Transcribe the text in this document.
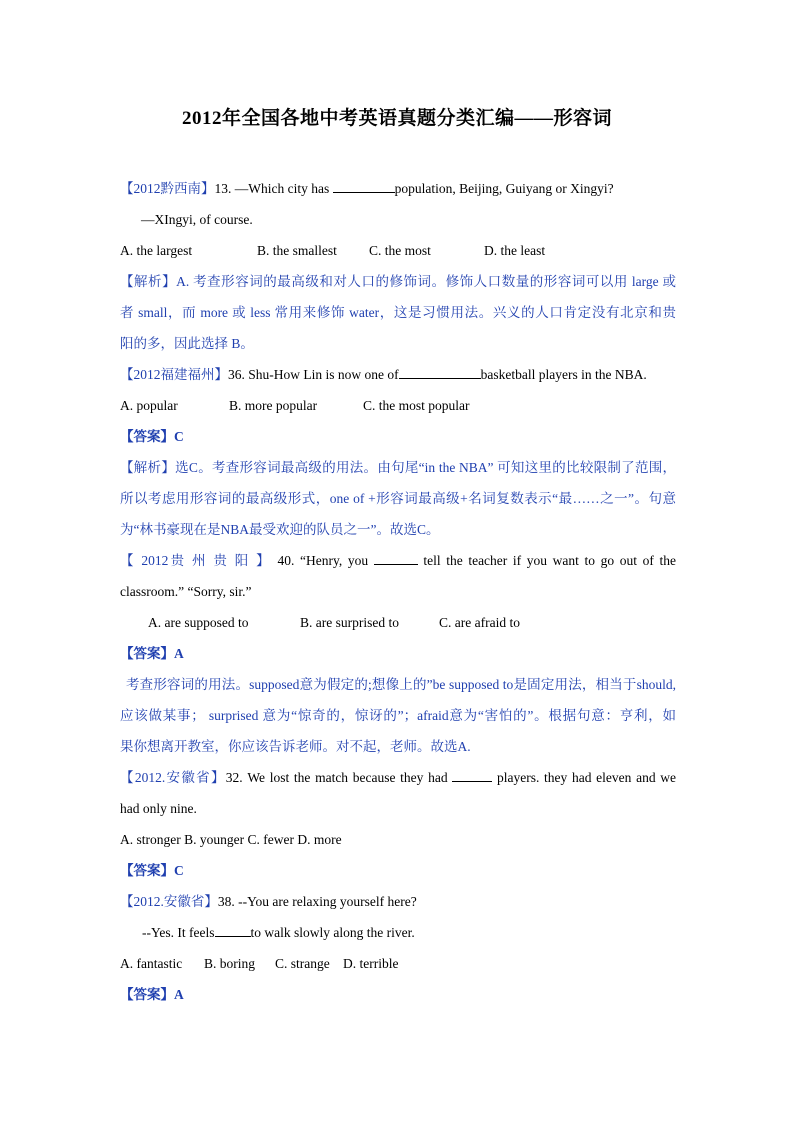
2012年全国各地中考英语真题分类汇编——形容词
【2012黔西南】13. —Which city has	population, Beijing, Guiyang or Xingyi?
—XIngyi, of course.
A. the largest	B. the smallest C. the most	D. the least
【解析】A. 考查形容词的最高级和对人口的修饰词。修饰人口数量的形容词可以用 large 或
者 small，而 more 或 less 常用来修饰 water，这是习惯用法。兴义的人口肯定没有北京和贵
阳的多，因此选择 B。
【2012福建福州】36. Shu-How Lin is now one of	basketball players in the NBA.
A. popular	B. more popular	C. the most popular
【答案】C
【解析】选C。考查形容词最高级的用法。由句尾“in the NBA” 可知这里的比较限制了范围，
所以考虑用形容词的最高级形式，one of +形容词最高级+名词复数表示“最……之一”。句意
为“林书豪现在是NBA最受欢迎的队员之一”。故选C。
【 2012贵 州 贵 阳 】 40. “Henry, you	tell the teacher if you want to go out of the
classroom.” “Sorry, sir.”
A. are supposed to	B. are surprised to	C. are afraid to
【答案】A
考查形容词的用法。supposed意为假定的;想像上的”be supposed to是固定用法，相当于should,
应该做某事； surprised 意为“惊奇的，惊讶的”；afraid意为“害怕的”。根据句意：亨利，如
果你想离开教室，你应该告诉老师。对不起，老师。故选A.
【2012.安徽省】32. We lost the match because they had	players. they had eleven and we
had only nine.
A. stronger B. younger C. fewer D. more
【答案】C
【2012.安徽省】38. --You are relaxing yourself here?
--Yes. It feels	to walk slowly along the river.
A. fantastic B. boring C. strange D. terrible
【答案】A
